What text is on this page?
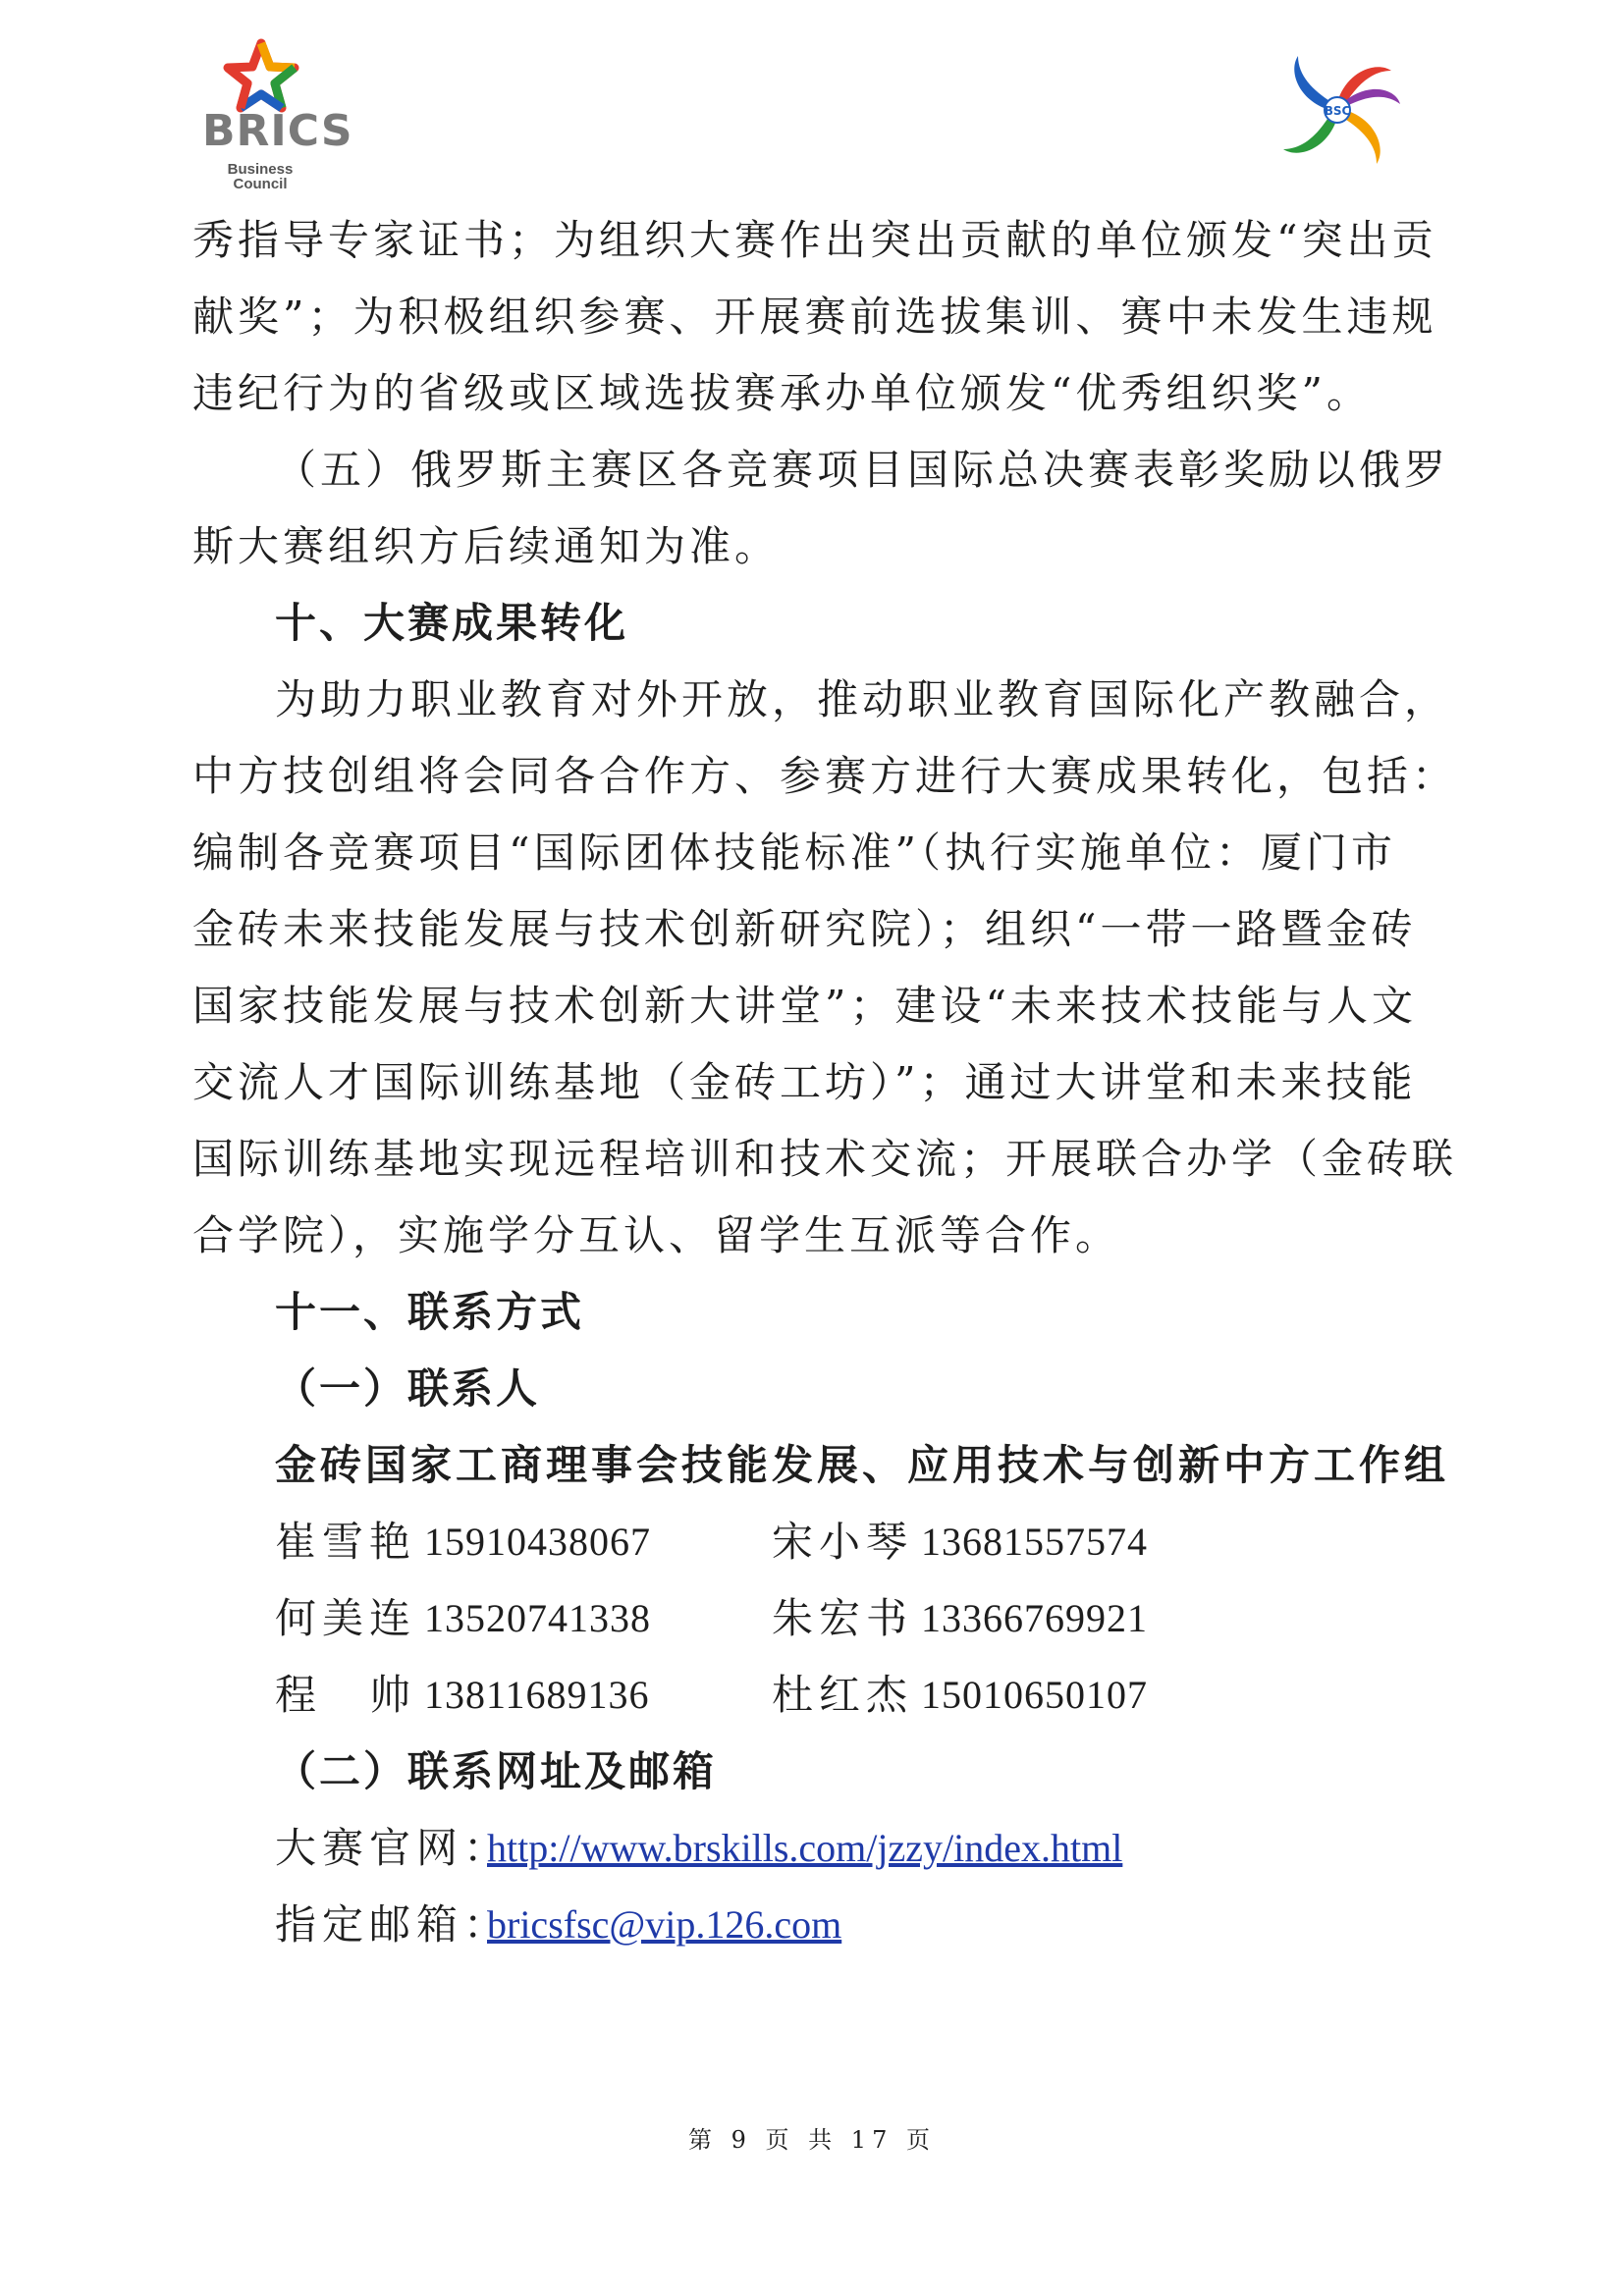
BRICS
Business Council
BSC
秀指导专家证书；为组织大赛作出突出贡献的单位颁发“突出贡
献奖”；为积极组织参赛、开展赛前选拔集训、赛中未发生违规
违纪行为的省级或区域选拔赛承办单位颁发“优秀组织奖”。
（五）俄罗斯主赛区各竞赛项目国际总决赛表彰奖励以俄罗
斯大赛组织方后续通知为准。
十、大赛成果转化
为助力职业教育对外开放，推动职业教育国际化产教融合，
中方技创组将会同各合作方、参赛方进行大赛成果转化，包括：
编制各竞赛项目“国际团体技能标准”（执行实施单位：厦门市
金砖未来技能发展与技术创新研究院）；组织“一带一路暨金砖
国家技能发展与技术创新大讲堂”；建设“未来技术技能与人文
交流人才国际训练基地（金砖工坊）”；通过大讲堂和未来技能
国际训练基地实现远程培训和技术交流；开展联合办学（金砖联
合学院），实施学分互认、留学生互派等合作。
十一、联系方式
（一）联系人
金砖国家工商理事会技能发展、应用技术与创新中方工作组
崔雪艳 15910438067	宋小琴 13681557574
何美连 13520741338	朱宏书 13366769921
程　帅 13811689136	杜红杰 15010650107
（二）联系网址及邮箱
大赛官网：
http://www.brskills.com/jzzy/index.html
指定邮箱：
bricsfsc@vip.126.com
第 9 页 共 17 页
